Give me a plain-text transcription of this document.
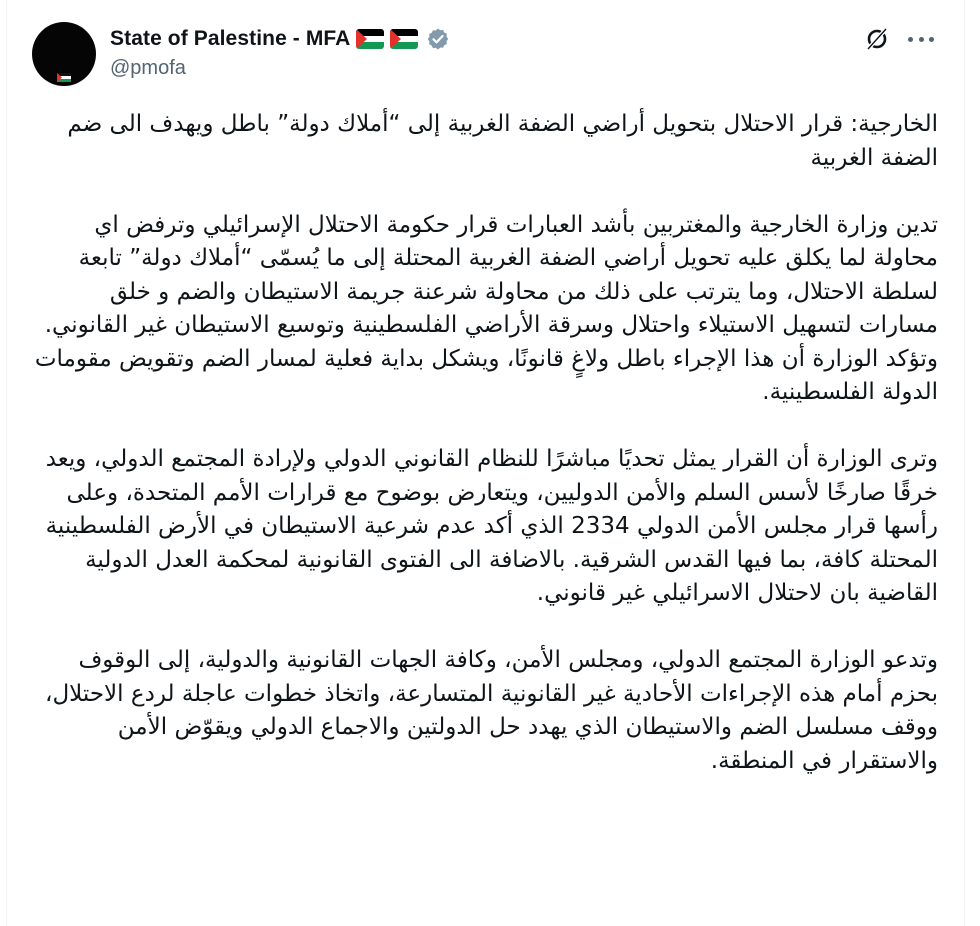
State of Palestine - MFA
@pmofa

الخارجية: قرار الاحتلال بتحويل أراضي الضفة الغربية إلى “أملاك دولة” باطل ويهدف الى ضم الضفة الغربية

تدين وزارة الخارجية والمغتربين بأشد العبارات قرار حكومة الاحتلال الإسرائيلي وترفض اي محاولة لما يكلق عليه تحويل أراضي الضفة الغربية المحتلة إلى ما يُسمّى “أملاك دولة” تابعة لسلطة الاحتلال، وما يترتب على ذلك من محاولة شرعنة جريمة الاستيطان والضم و خلق مسارات لتسهيل الاستيلاء واحتلال وسرقة الأراضي الفلسطينية وتوسيع الاستيطان غير القانوني. وتؤكد الوزارة أن هذا الإجراء باطل ولاغٍ قانونًا، ويشكل بداية فعلية لمسار الضم وتقويض مقومات الدولة الفلسطينية.

وترى الوزارة أن القرار يمثل تحديًا مباشرًا للنظام القانوني الدولي ولإرادة المجتمع الدولي، ويعد خرقًا صارخًا لأسس السلم والأمن الدوليين، ويتعارض بوضوح مع قرارات الأمم المتحدة، وعلى رأسها قرار مجلس الأمن الدولي 2334 الذي أكد عدم شرعية الاستيطان في الأرض الفلسطينية المحتلة كافة، بما فيها القدس الشرقية. بالاضافة الى الفتوى القانونية لمحكمة العدل الدولية القاضية بان لاحتلال الاسرائيلي غير قانوني.

وتدعو الوزارة المجتمع الدولي، ومجلس الأمن، وكافة الجهات القانونية والدولية، إلى الوقوف بحزم أمام هذه الإجراءات الأحادية غير القانونية المتسارعة، واتخاذ خطوات عاجلة لردع الاحتلال، ووقف مسلسل الضم والاستيطان الذي يهدد حل الدولتين والاجماع الدولي ويقوّض الأمن والاستقرار في المنطقة.
